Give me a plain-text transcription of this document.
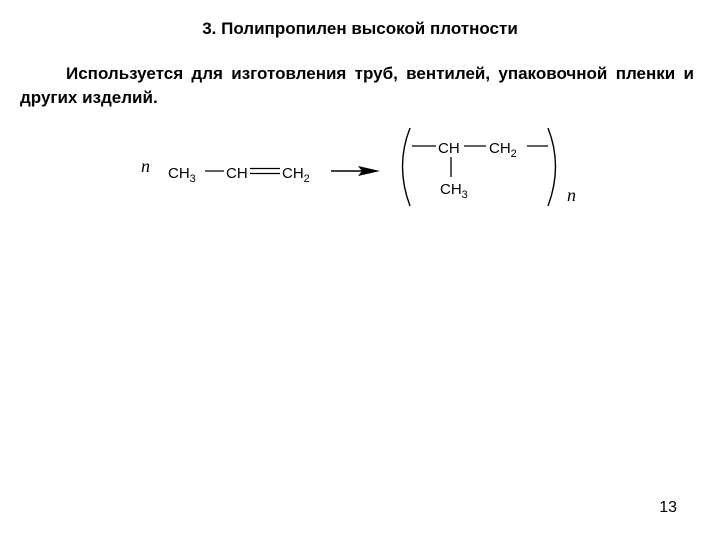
3. Полипропилен высокой плотности

Используется для изготовления труб, вентилей, упаковочной пленки и других изделий.

n $CH_3$ CH $CH_2$
CH $CH_2$
$CH_3$	n
13
